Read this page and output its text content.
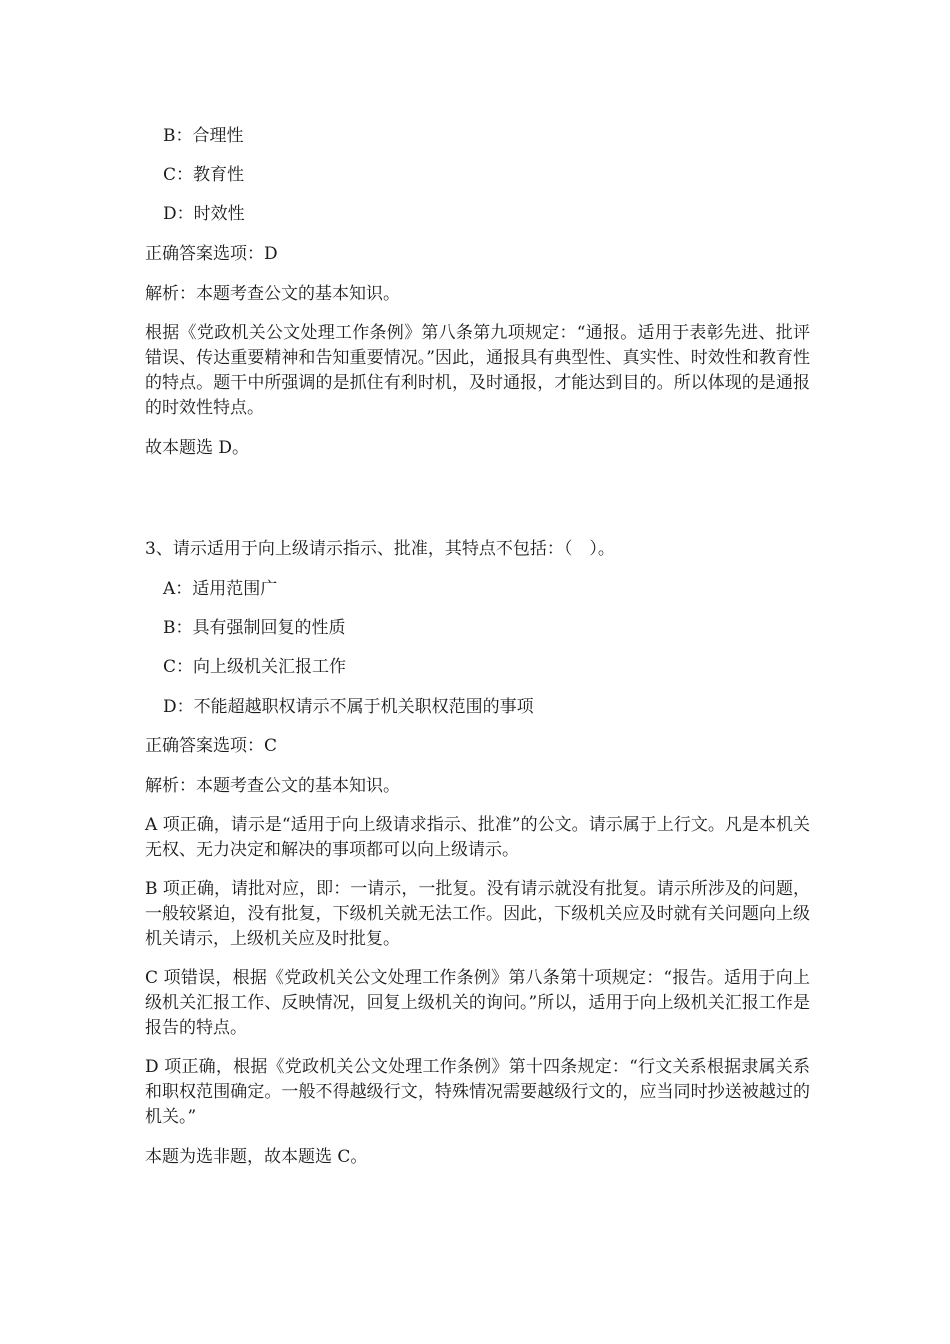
B：合理性
C：教育性
D：时效性
正确答案选项：D
解析：本题考查公文的基本知识。
根据《党政机关公文处理工作条例》第八条第九项规定：“通报。适用于表彰先进、批评错误、传达重要精神和告知重要情况。”因此，通报具有典型性、真实性、时效性和教育性的特点。题干中所强调的是抓住有利时机，及时通报，才能达到目的。所以体现的是通报的时效性特点。
故本题选 D。
3、请示适用于向上级请示指示、批准，其特点不包括：（　）。
A：适用范围广
B：具有强制回复的性质
C：向上级机关汇报工作
D：不能超越职权请示不属于机关职权范围的事项
正确答案选项：C
解析：本题考查公文的基本知识。
A 项正确，请示是“适用于向上级请求指示、批准”的公文。请示属于上行文。凡是本机关无权、无力决定和解决的事项都可以向上级请示。
B 项正确，请批对应，即：一请示，一批复。没有请示就没有批复。请示所涉及的问题，一般较紧迫，没有批复，下级机关就无法工作。因此，下级机关应及时就有关问题向上级机关请示，上级机关应及时批复。
C 项错误，根据《党政机关公文处理工作条例》第八条第十项规定：“报告。适用于向上级机关汇报工作、反映情况，回复上级机关的询问。”所以，适用于向上级机关汇报工作是报告的特点。
D 项正确，根据《党政机关公文处理工作条例》第十四条规定：“行文关系根据隶属关系和职权范围确定。一般不得越级行文，特殊情况需要越级行文的，应当同时抄送被越过的机关。”
本题为选非题，故本题选 C。
